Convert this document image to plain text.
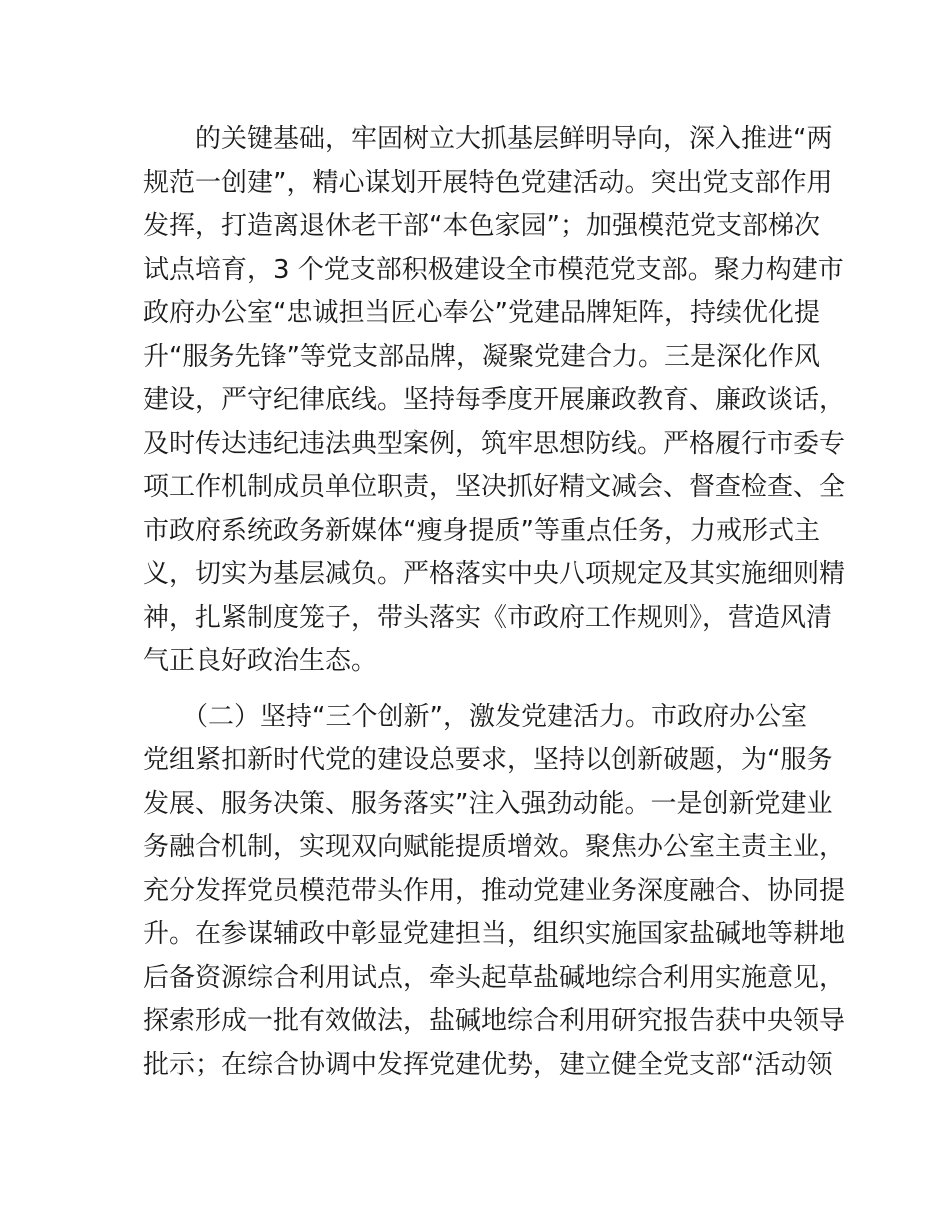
　　的关键基础，牢固树立大抓基层鲜明导向，深入推进“两
规范一创建”，精心谋划开展特色党建活动。突出党支部作用
发挥，打造离退休老干部“本色家园”；加强模范党支部梯次
试点培育，3 个党支部积极建设全市模范党支部。聚力构建市
政府办公室“忠诚担当匠心奉公”党建品牌矩阵，持续优化提
升“服务先锋”等党支部品牌，凝聚党建合力。三是深化作风
建设，严守纪律底线。坚持每季度开展廉政教育、廉政谈话，
及时传达违纪违法典型案例，筑牢思想防线。严格履行市委专
项工作机制成员单位职责，坚决抓好精文减会、督查检查、全
市政府系统政务新媒体“瘦身提质”等重点任务，力戒形式主
义，切实为基层减负。严格落实中央八项规定及其实施细则精
神，扎紧制度笼子，带头落实《市政府工作规则》，营造风清
气正良好政治生态。
　　（二）坚持“三个创新”，激发党建活力。市政府办公室
党组紧扣新时代党的建设总要求，坚持以创新破题，为“服务
发展、服务决策、服务落实”注入强劲动能。一是创新党建业
务融合机制，实现双向赋能提质增效。聚焦办公室主责主业，
充分发挥党员模范带头作用，推动党建业务深度融合、协同提
升。在参谋辅政中彰显党建担当，组织实施国家盐碱地等耕地
后备资源综合利用试点，牵头起草盐碱地综合利用实施意见，
探索形成一批有效做法，盐碱地综合利用研究报告获中央领导
批示；在综合协调中发挥党建优势，建立健全党支部“活动领
